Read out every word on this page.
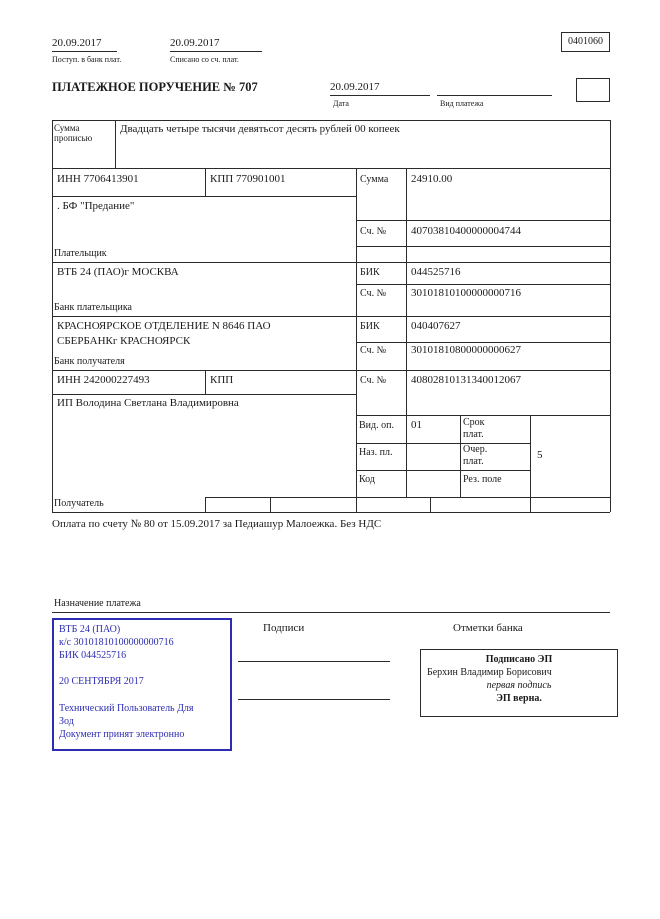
20.09.2017
Поступ. в банк плат.
20.09.2017
Списано со сч. плат.
0401060
ПЛАТЕЖНОЕ ПОРУЧЕНИЕ № 707	20.09.2017
Дата	Вид платежа
Сумма прописью
Двадцать четыре тысячи девятьсот десять рублей 00 копеек
ИНН 7706413901	КПП 770901001	Сумма 24910.00
. БФ "Предание"
Сч. № 40703810400000004744
Плательщик
ВТБ 24 (ПАО)г МОСКВА	БИК	044525716
Сч. № 30101810100000000716
Банк плательщика
КРАСНОЯРСКОЕ ОТДЕЛЕНИЕ N 8646 ПАО
СБЕРБАНКг КРАСНОЯРСК
БИК	040407627
Сч. № 30101810800000000627
Банк получателя
ИНН 242000227493	КПП	Сч. № 40802810131340012067
ИП Володина Светлана Владимировна
Вид. оп. 01	Срок плат.
Наз. пл.	Очер. плат.	5
Код	Рез. поле
Получатель
Оплата по счету № 80 от 15.09.2017 за Педиашур Малоежка. Без НДС
Назначение платежа
ВТБ 24 (ПАО)
к/с 30101810100000000716
БИК 044525716
20 СЕНТЯБРЯ 2017
Технический Пользователь Для
Зод
Документ принят электронно
Подписи	Отметки банка
Подписано ЭП
Берхин Владимир Борисович
первая подпись
ЭП верна.
